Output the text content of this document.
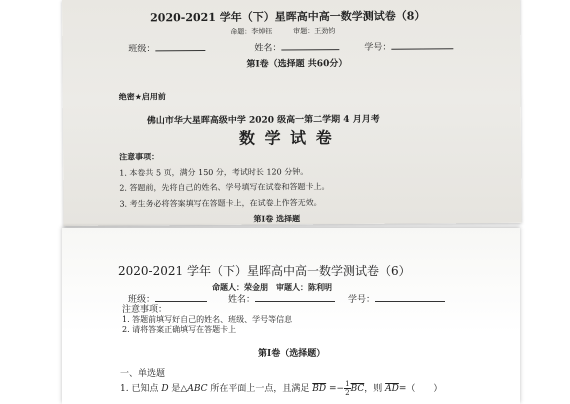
2020-2021 学年（下）星晖高中高一数学测试卷（8）
命题：李焯钰　　　审题：王劲钧
班级：	姓名：	学号：
第Ⅰ卷（选择题 共60分）
绝密★启用前
佛山市华大星晖高级中学 2020 级高一第二学期 4 月月考
数 学 试 卷
注意事项：
1. 本卷共 5 页，满分 150 分，考试时长 120 分钟。
2. 答题前，先将自己的姓名、学号填写在试卷和答题卡上。
3. 考生务必将答案填写在答题卡上，在试卷上作答无效。
第Ⅰ卷 选择题
2020-2021 学年（下）星晖高中高一数学测试卷（6）
命题人：荣金朋　审题人：陈利明
班级：	姓名：	学号：
注意事项：
1. 答题前填写好自己的姓名、班级、学号等信息
2. 请将答案正确填写在答题卡上
第Ⅰ卷（选择题）
一、单选题
1. 已知点 D 是△ABC 所在平面上一点，且满足 $\overline{BD} =- \frac{1}{2} \overline{BC}$，则 $\overline{AD}=$（　　）
